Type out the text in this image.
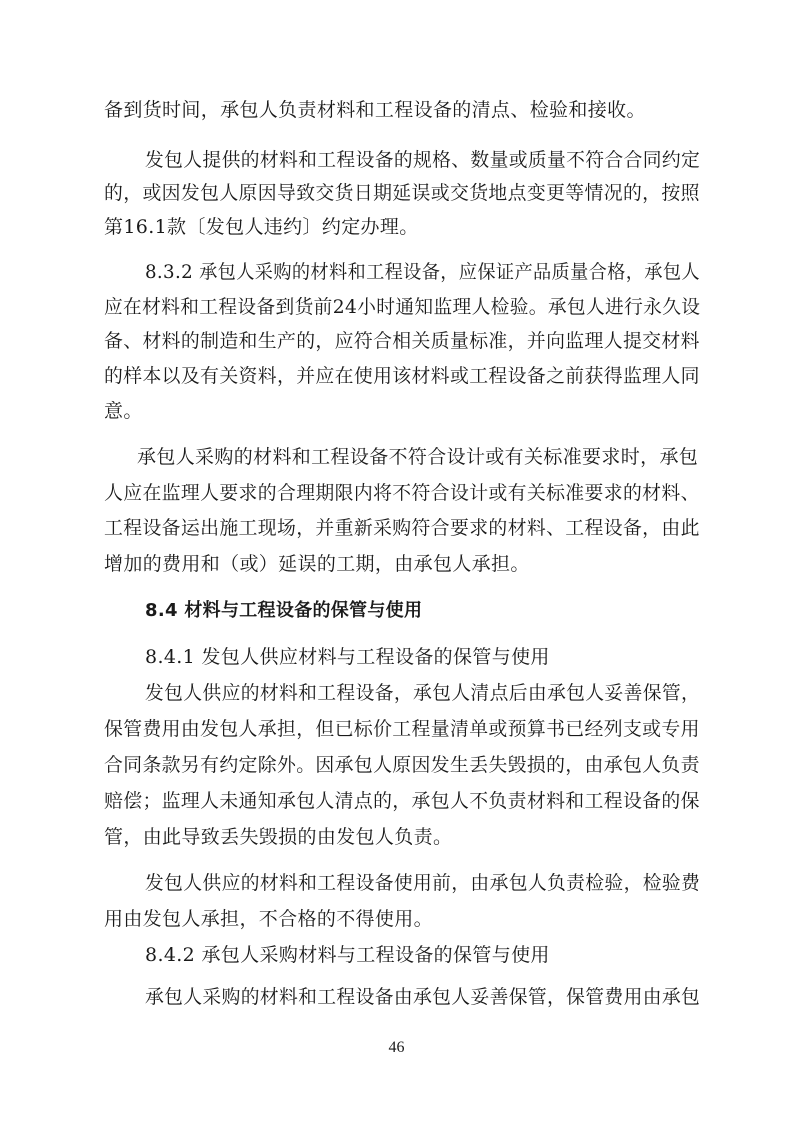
备到货时间，承包人负责材料和工程设备的清点、检验和接收。
发包人提供的材料和工程设备的规格、数量或质量不符合合同约定
的，或因发包人原因导致交货日期延误或交货地点变更等情况的，按照
第16.1款〔发包人违约〕约定办理。
8.3.2 承包人采购的材料和工程设备，应保证产品质量合格，承包人
应在材料和工程设备到货前24小时通知监理人检验。承包人进行永久设
备、材料的制造和生产的，应符合相关质量标准，并向监理人提交材料
的样本以及有关资料，并应在使用该材料或工程设备之前获得监理人同
意。
承包人采购的材料和工程设备不符合设计或有关标准要求时，承包
人应在监理人要求的合理期限内将不符合设计或有关标准要求的材料、
工程设备运出施工现场，并重新采购符合要求的材料、工程设备，由此
增加的费用和（或）延误的工期，由承包人承担。
8.4 材料与工程设备的保管与使用
8.4.1 发包人供应材料与工程设备的保管与使用
发包人供应的材料和工程设备，承包人清点后由承包人妥善保管，
保管费用由发包人承担，但已标价工程量清单或预算书已经列支或专用
合同条款另有约定除外。因承包人原因发生丢失毁损的，由承包人负责
赔偿；监理人未通知承包人清点的，承包人不负责材料和工程设备的保
管，由此导致丢失毁损的由发包人负责。
发包人供应的材料和工程设备使用前，由承包人负责检验，检验费
用由发包人承担，不合格的不得使用。
8.4.2 承包人采购材料与工程设备的保管与使用
承包人采购的材料和工程设备由承包人妥善保管，保管费用由承包
46
